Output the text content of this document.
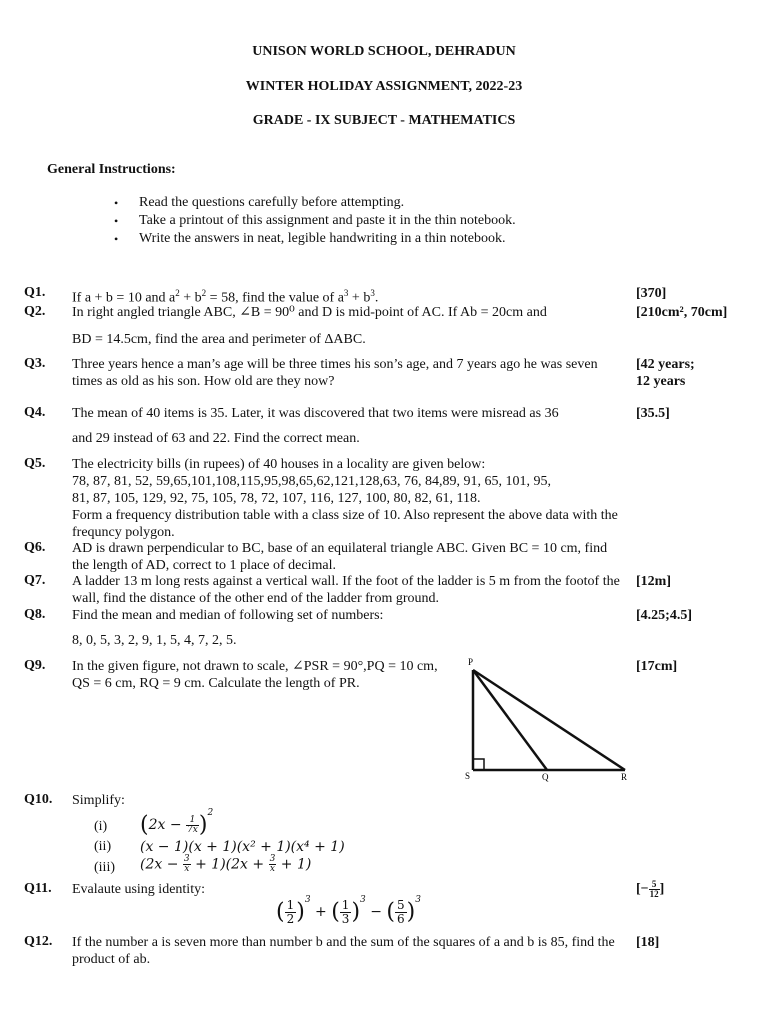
UNISON WORLD SCHOOL, DEHRADUN
WINTER HOLIDAY ASSIGNMENT, 2022-23
GRADE - IX SUBJECT - MATHEMATICS
General Instructions:
• Read the questions carefully before attempting.
• Take a printout of this assignment and paste it in the thin notebook.
• Write the answers in neat, legible handwriting in a thin notebook.
Q1. If a + b = 10 and $a^2 + b^2 = 58$, find the value of $a^3 + b^3$.	[370]
Q2. In right angled triangle ABC, ∠B = 90⁰ and D is mid-point of AC. If Ab = 20cm and
BD = 14.5cm, find the area and perimeter of ΔABC.
[210cm², 70cm]
Q3. Three years hence a man’s age will be three times his son’s age, and 7 years ago he was seven times as old as his son. How old are they now?
[42 years;
12 years
Q4. The mean of 40 items is 35. Later, it was discovered that two items were misread as 36
and 29 instead of 63 and 22. Find the correct mean.
[35.5]
Q5. The electricity bills (in rupees) of 40 houses in a locality are given below:
78, 87, 81, 52, 59,65,101,108,115,95,98,65,62,121,128,63, 76, 84,89, 91, 65, 101, 95,
81, 87, 105, 129, 92, 75, 105, 78, 72, 107, 116, 127, 100, 80, 82, 61, 118.
Form a frequency distribution table with a class size of 10. Also represent the above data with the frequncy polygon.
Q6. AD is drawn perpendicular to BC, base of an equilateral triangle ABC. Given BC = 10 cm, find the length of AD, correct to 1 place of decimal.
Q7. A ladder 13 m long rests against a vertical wall. If the foot of the ladder is 5 m from the footof the wall, find the distance of the other end of the ladder from ground.
[12m]
Q8. Find the mean and median of following set of numbers:
8, 0, 5, 3, 2, 9, 1, 5, 4, 7, 2, 5.
[4.25;4.5]
Q9. In the given figure, not drawn to scale, ∠PSR = 90°,PQ = 10 cm, QS = 6 cm, RQ = 9 cm. Calculate the length of PR.
[17cm]
P
S	Q	R
Q10. Simplify:
(i) $(2x - \frac{1}{7x} )^2$
(ii) (x − 1)(x + 1)(x² + 1)(x⁴ + 1)
(iii) $(2x - \frac{3}{x} + 1)(2x + \frac{3}{x} + 1)$
Q11. Evalaute using identity:	[− $\frac{5}{12}$ ]
( $\frac{1}{2} )^3$ + ( $\frac{1}{3} )^3$ − ( $\frac{5}{6} )^3$
Q12. If the number a is seven more than number b and the sum of the squares of a and b is 85, find the product of ab.
[18]
